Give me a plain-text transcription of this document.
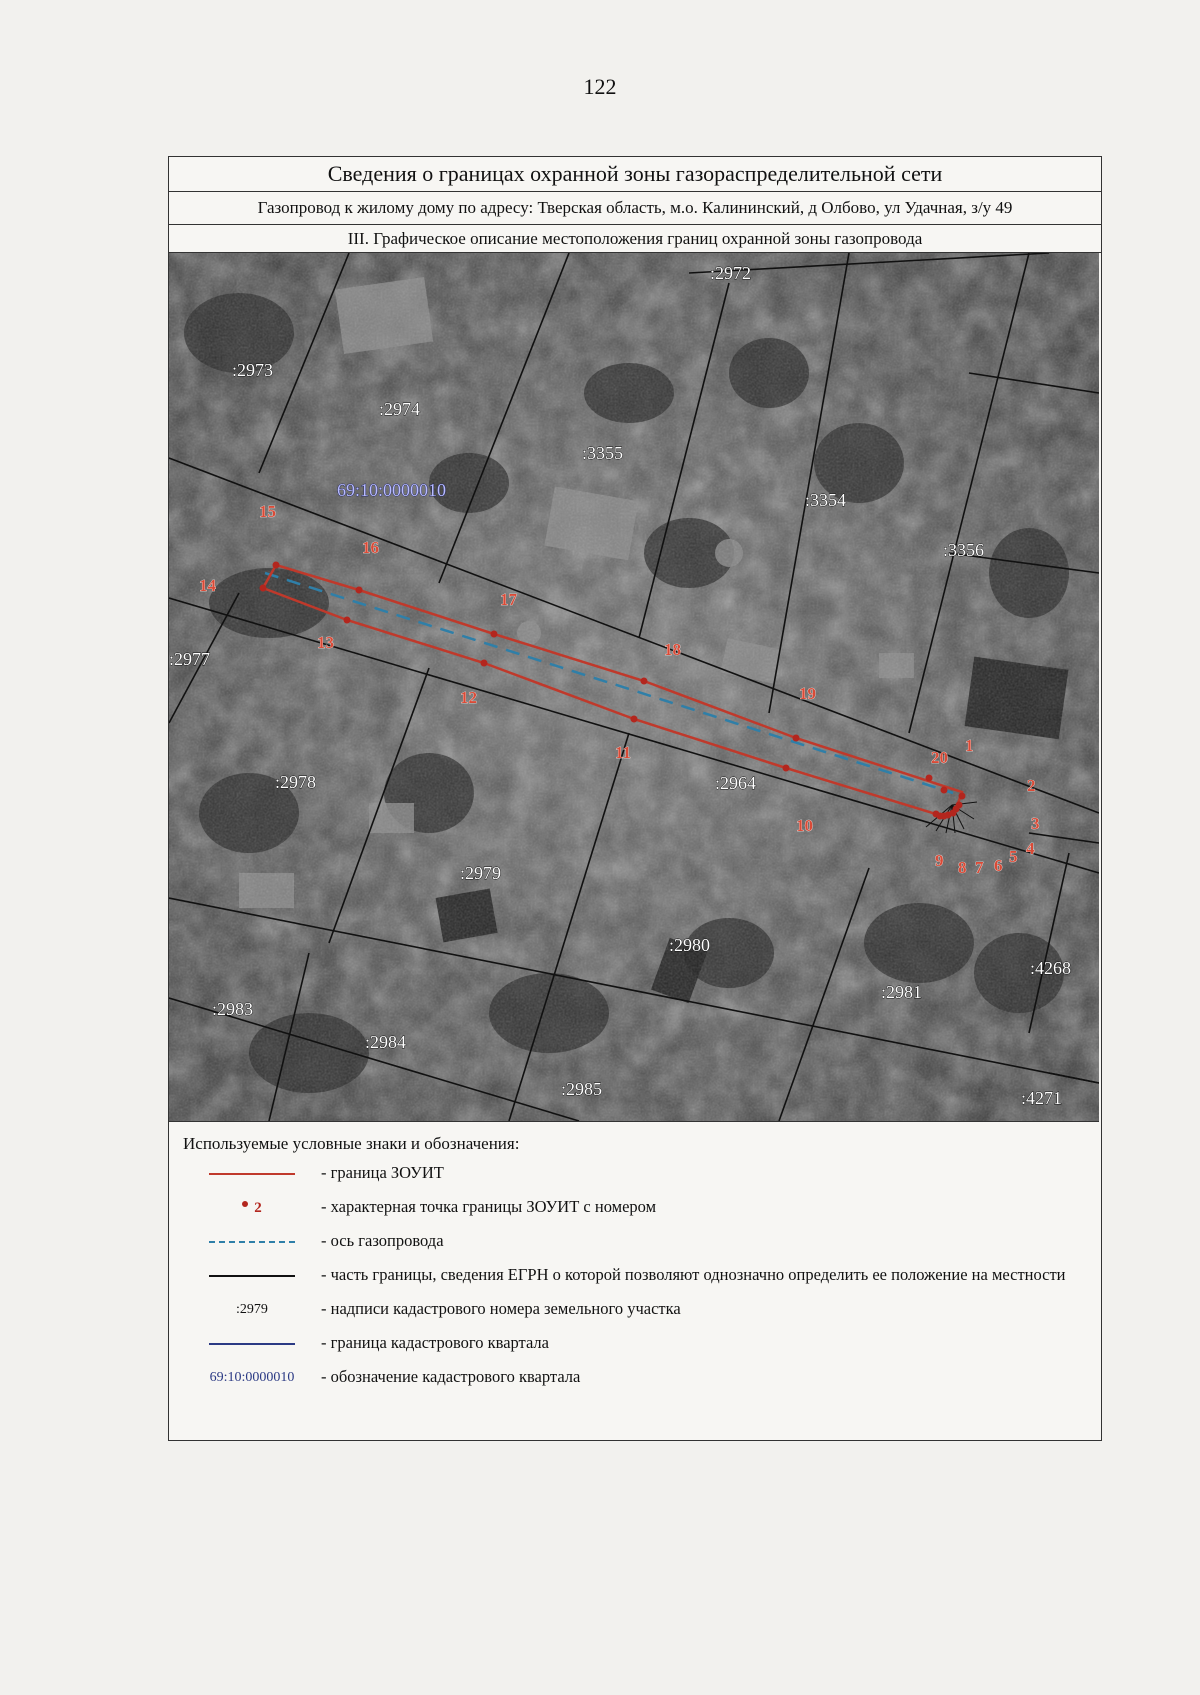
122
Сведения о границах охранной зоны газораспределительной сети
Газопровод к жилому дому по адресу: Тверская область, м.о. Калининский, д Олбово, ул Удачная, з/у 49
III. Графическое описание местоположения границ охранной зоны газопровода
1
2
3
4
5
6
7
8
9
10
11
12
13
14
15
16
17
18
19
20
:2972
:2973
:2974
:3355
:3354
:3356
:2977
:2978	:2964
:2979
:2980
:2981
:4268
:2983
:2984
:2985	:4271
69:10:0000010
Используемые условные знаки и обозначения:
- граница ЗОУИТ
2	- характерная точка границы ЗОУИТ с номером
- ось газопровода
- часть границы, сведения ЕГРН о которой позволяют однозначно определить ее положение на местности
:2979	- надписи кадастрового номера земельного участка
- граница кадастрового квартала
69:10:0000010 - обозначение кадастрового квартала
